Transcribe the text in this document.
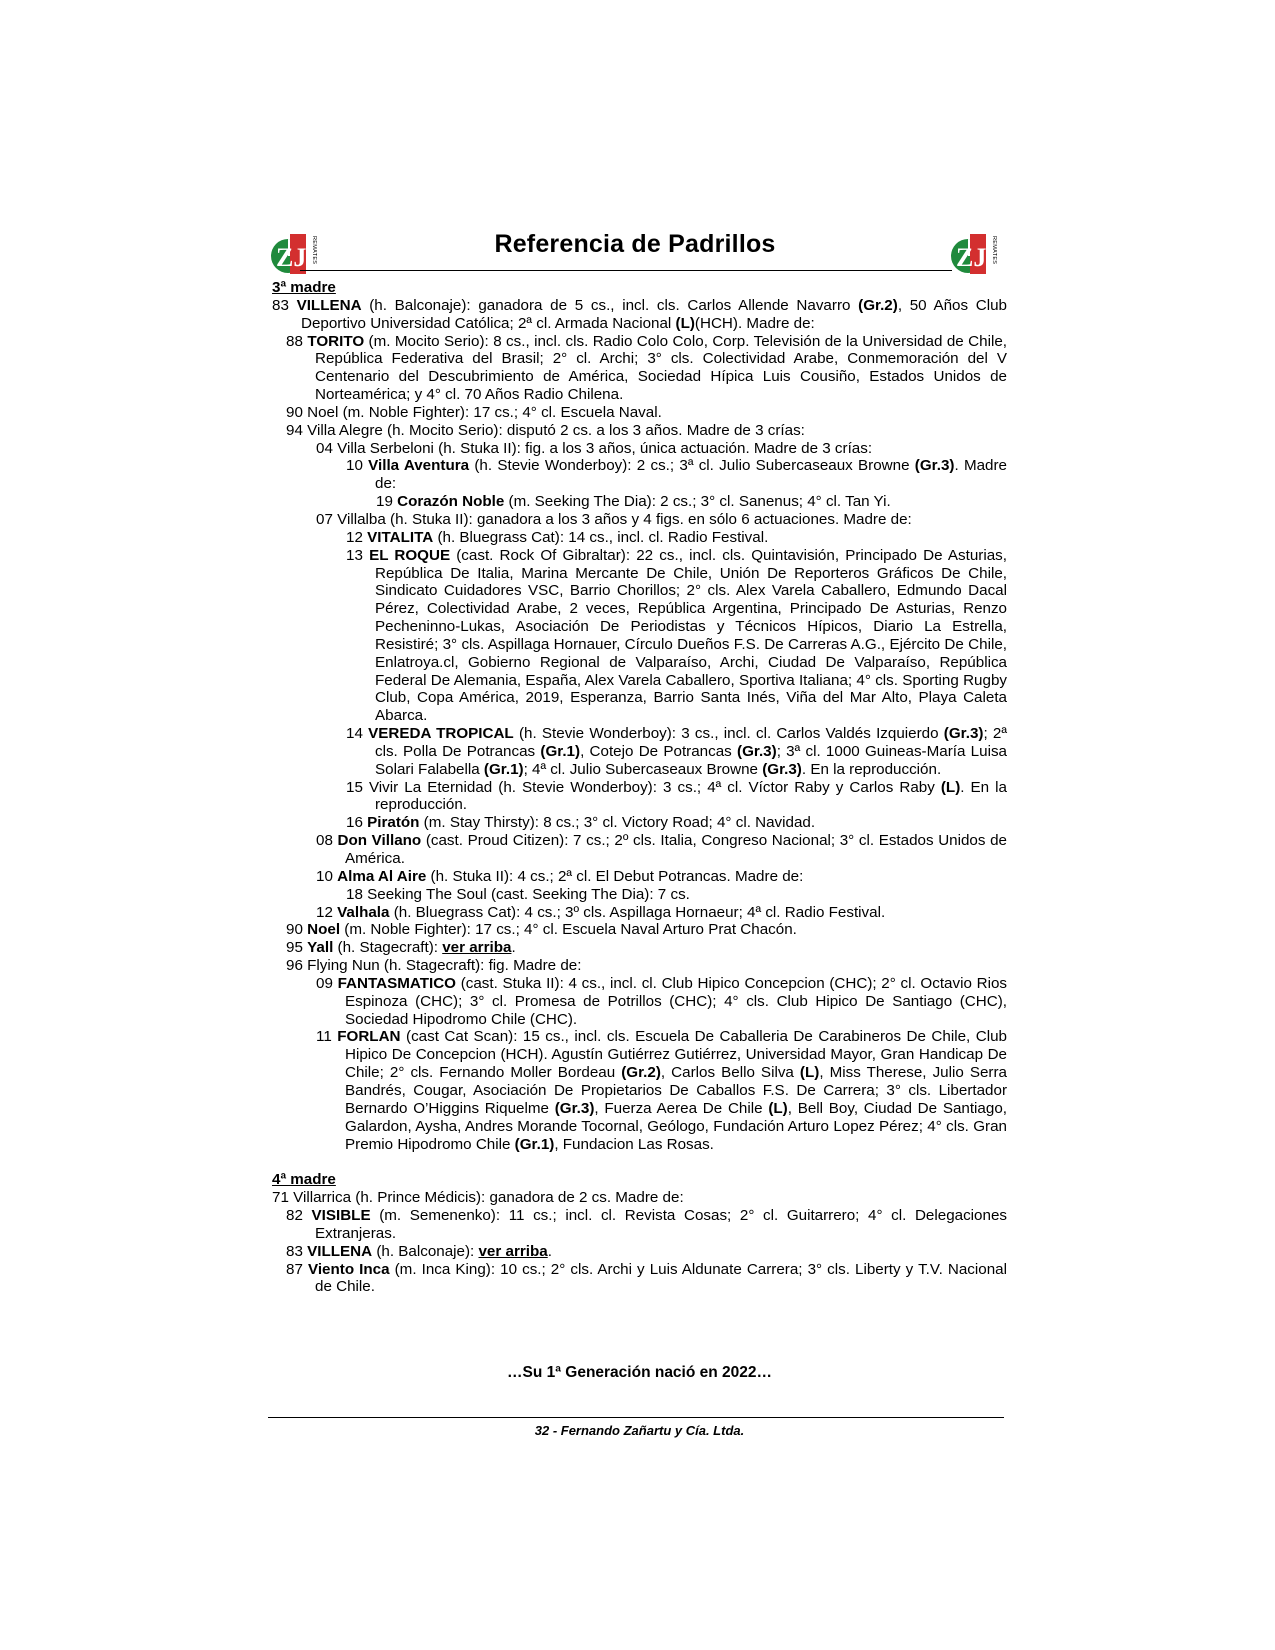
ZJ REMATES	Referencia de Padrillos	ZJ REMATES

3ª madre

83 VILLENA (h. Balconaje): ganadora de 5 cs., incl. cls. Carlos Allende Navarro (Gr.2), 50 Años Club Deportivo Universidad Católica; 2ª cl. Armada Nacional (L)(HCH). Madre de:

88 TORITO (m. Mocito Serio): 8 cs., incl. cls. Radio Colo Colo, Corp. Televisión de la Universidad de Chile, República Federativa del Brasil; 2° cl. Archi; 3° cls. Colectividad Arabe, Conmemoración del V Centenario del Descubrimiento de América, Sociedad Hípica Luis Cousiño, Estados Unidos de Norteamérica; y 4° cl. 70 Años Radio Chilena.

90 Noel (m. Noble Fighter): 17 cs.; 4° cl. Escuela Naval.

94 Villa Alegre (h. Mocito Serio): disputó 2 cs. a los 3 años. Madre de 3 crías:

04 Villa Serbeloni (h. Stuka II): fig. a los 3 años, única actuación. Madre de 3 crías:

10 Villa Aventura (h. Stevie Wonderboy): 2 cs.; 3ª cl. Julio Subercaseaux Browne (Gr.3). Madre de:

19 Corazón Noble (m. Seeking The Dia): 2 cs.; 3° cl. Sanenus; 4° cl. Tan Yi.

07 Villalba (h. Stuka II): ganadora a los 3 años y 4 figs. en sólo 6 actuaciones. Madre de:

12 VITALITA (h. Bluegrass Cat): 14 cs., incl. cl. Radio Festival.

13 EL ROQUE (cast. Rock Of Gibraltar): 22 cs., incl. cls. Quintavisión, Principado De Asturias, República De Italia, Marina Mercante De Chile, Unión De Reporteros Gráficos De Chile, Sindicato Cuidadores VSC, Barrio Chorillos; 2° cls. Alex Varela Caballero, Edmundo Dacal Pérez, Colectividad Arabe, 2 veces, República Argentina, Principado De Asturias, Renzo Pecheninno-Lukas, Asociación De Periodistas y Técnicos Hípicos, Diario La Estrella, Resistiré; 3° cls. Aspillaga Hornauer, Círculo Dueños F.S. De Carreras A.G., Ejército De Chile, Enlatroya.cl, Gobierno Regional de Valparaíso, Archi, Ciudad De Valparaíso, República Federal De Alemania, España, Alex Varela Caballero, Sportiva Italiana; 4° cls. Sporting Rugby Club, Copa América, 2019, Esperanza, Barrio Santa Inés, Viña del Mar Alto, Playa Caleta Abarca.

14 VEREDA TROPICAL (h. Stevie Wonderboy): 3 cs., incl. cl. Carlos Valdés Izquierdo (Gr.3); 2ª cls. Polla De Potrancas (Gr.1), Cotejo De Potrancas (Gr.3); 3ª cl. 1000 Guineas-María Luisa Solari Falabella (Gr.1); 4ª cl. Julio Subercaseaux Browne (Gr.3). En la reproducción.

15 Vivir La Eternidad (h. Stevie Wonderboy): 3 cs.; 4ª cl. Víctor Raby y Carlos Raby (L). En la reproducción.

16 Piratón (m. Stay Thirsty): 8 cs.; 3° cl. Victory Road; 4° cl. Navidad.

08 Don Villano (cast. Proud Citizen): 7 cs.; 2º cls. Italia, Congreso Nacional; 3° cl. Estados Unidos de América.

10 Alma Al Aire (h. Stuka II): 4 cs.; 2ª cl. El Debut Potrancas. Madre de:

18 Seeking The Soul (cast. Seeking The Dia): 7 cs.

12 Valhala (h. Bluegrass Cat): 4 cs.; 3º cls. Aspillaga Hornaeur; 4ª cl. Radio Festival.

90 Noel (m. Noble Fighter): 17 cs.; 4° cl. Escuela Naval Arturo Prat Chacón.

95 Yall (h. Stagecraft): ver arriba.

96 Flying Nun (h. Stagecraft): fig. Madre de:

09 FANTASMATICO (cast. Stuka II): 4 cs., incl. cl. Club Hipico Concepcion (CHC); 2° cl. Octavio Rios Espinoza (CHC); 3° cl. Promesa de Potrillos (CHC); 4° cls. Club Hipico De Santiago (CHC), Sociedad Hipodromo Chile (CHC).

11 FORLAN (cast Cat Scan): 15 cs., incl. cls. Escuela De Caballeria De Carabineros De Chile, Club Hipico De Concepcion (HCH). Agustín Gutiérrez Gutiérrez, Universidad Mayor, Gran Handicap De Chile; 2° cls. Fernando Moller Bordeau (Gr.2), Carlos Bello Silva (L), Miss Therese, Julio Serra Bandrés, Cougar, Asociación De Propietarios De Caballos F.S. De Carrera; 3° cls. Libertador Bernardo O’Higgins Riquelme (Gr.3), Fuerza Aerea De Chile (L), Bell Boy, Ciudad De Santiago, Galardon, Aysha, Andres Morande Tocornal, Geólogo, Fundación Arturo Lopez Pérez; 4° cls. Gran Premio Hipodromo Chile (Gr.1), Fundacion Las Rosas.

4ª madre

71 Villarrica (h. Prince Médicis): ganadora de 2 cs. Madre de:

82 VISIBLE (m. Semenenko): 11 cs.; incl. cl. Revista Cosas; 2° cl. Guitarrero; 4° cl. Delegaciones Extranjeras.

83 VILLENA (h. Balconaje): ver arriba.

87 Viento Inca (m. Inca King): 10 cs.; 2° cls. Archi y Luis Aldunate Carrera; 3° cls. Liberty y T.V. Nacional de Chile.

…Su 1ª Generación nació en 2022…
32 - Fernando Zañartu y Cía. Ltda.
